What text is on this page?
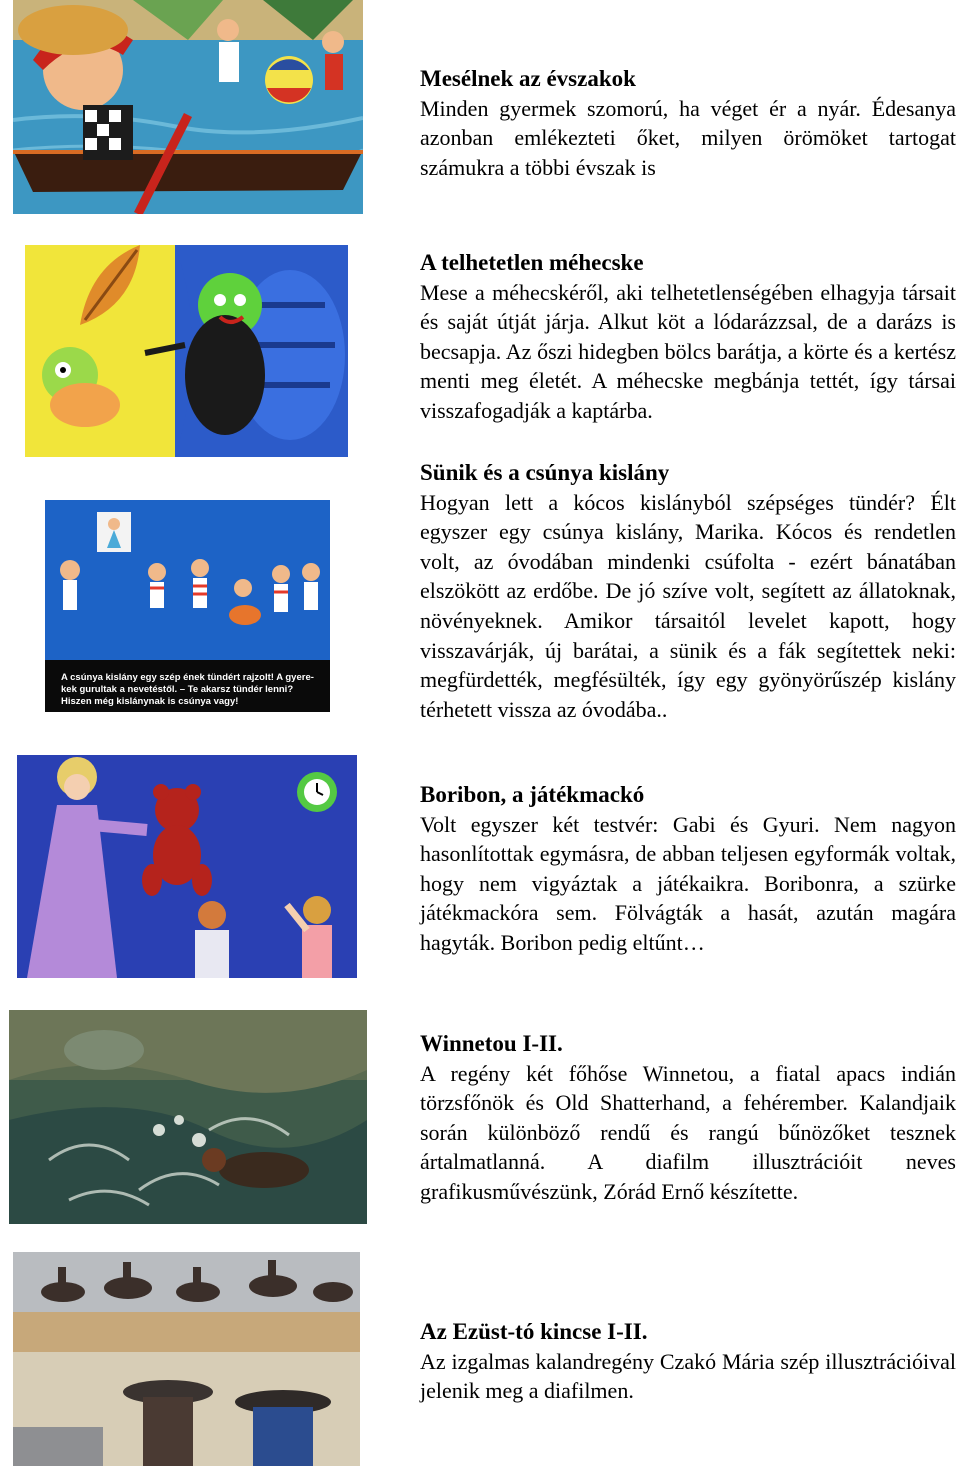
A csúnya kislány egy szép ének tündért rajzolt! A gyere-
kek gurultak a nevetéstől. – Te akarsz tündér lenni?
Hiszen még kislánynak is csúnya vagy!
Mesélnek az évszakok

Minden gyermek szomorú, ha véget ér a nyár. Édesanya azonban emlékezteti őket, milyen örömöket tartogat számukra a többi évszak is

A telhetetlen méhecske

Mese a méhecskéről, aki telhetetlenségében elhagyja társait és saját útját járja. Alkut köt a lódarázzsal, de a darázs is becsapja. Az őszi hidegben bölcs barátja, a körte és a kertész menti meg életét. A méhecske megbánja tettét, így társai visszafogadják a kaptárba.

Sünik és a csúnya kislány

Hogyan lett a kócos kislányból szépséges tündér? Élt egyszer egy csúnya kislány, Marika. Kócos és rendetlen volt, az óvodában mindenki csúfolta - ezért bánatában elszökött az erdőbe. De jó szíve volt, segített az állatoknak, növényeknek. Amikor társaitól levelet kapott, hogy visszavárják, új barátai, a sünik és a fák segítettek neki: megfürdették, megfésülték, így egy gyönyörűszép kislány térhetett vissza az óvodába..

Boribon, a játékmackó

Volt egyszer két testvér: Gabi és Gyuri. Nem nagyon hasonlítottak egymásra, de abban teljesen egyformák voltak, hogy nem vigyáztak a játékaikra. Boribonra, a szürke játékmackóra sem. Fölvágták a hasát, azután magára hagyták. Boribon pedig eltűnt…

Winnetou I-II.

A regény két főhőse Winnetou, a fiatal apacs indián törzsfőnök és Old Shatterhand, a fehérember. Kalandjaik során különböző rendű és rangú bűnözőket tesznek ártalmatlanná. A diafilm illusztrációit neves grafikusművészünk, Zórád Ernő készítette.

Az Ezüst-tó kincse I-II.

Az izgalmas kalandregény Czakó Mária szép illusztrációival jelenik meg a diafilmen.
